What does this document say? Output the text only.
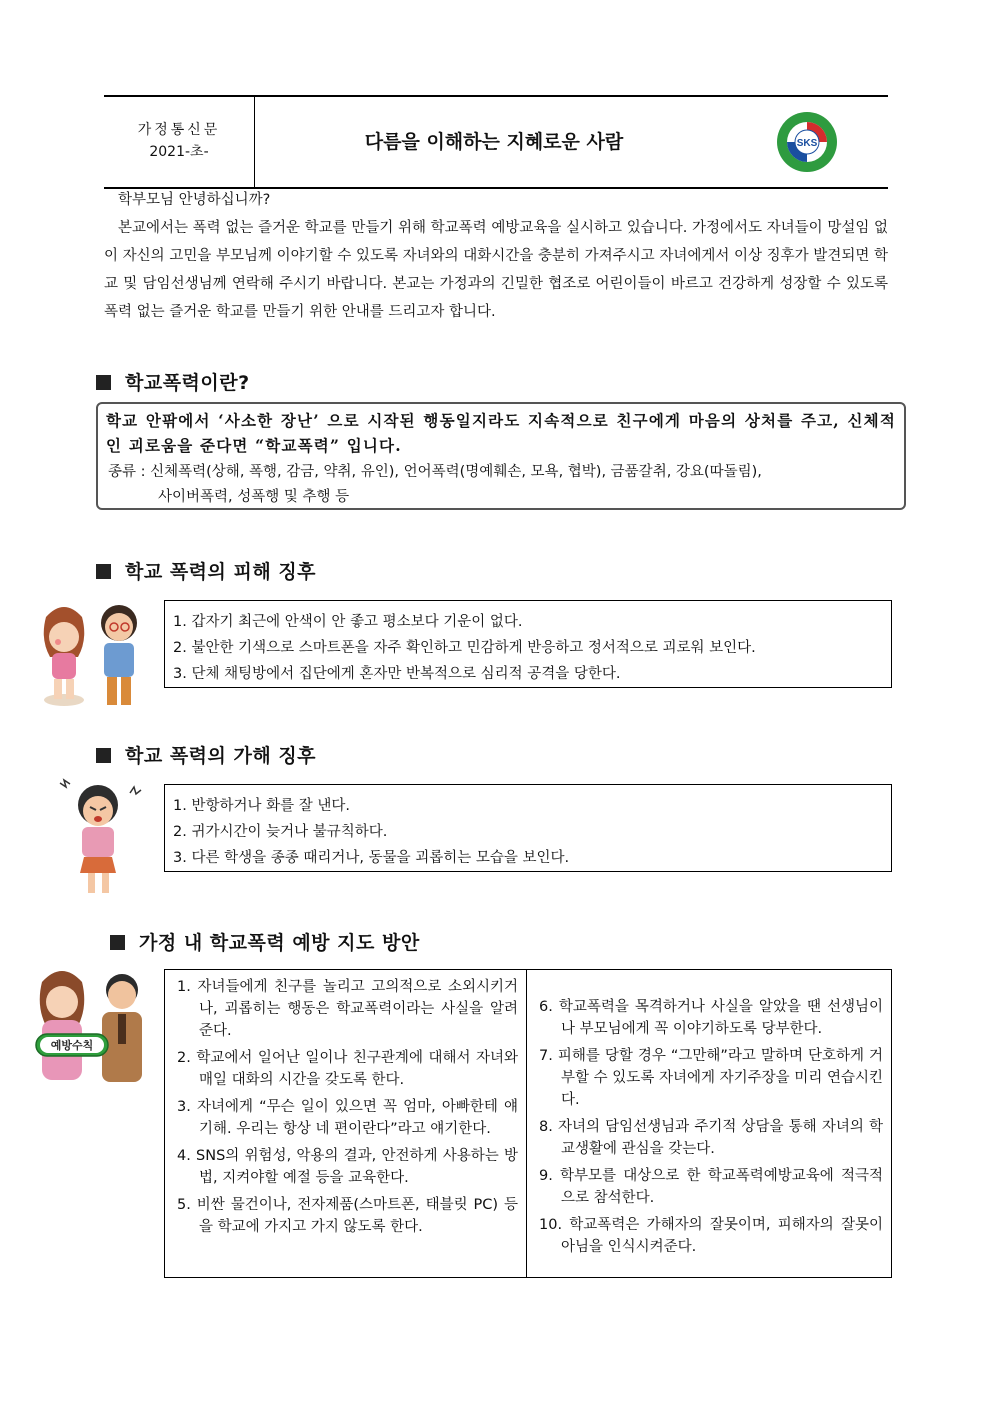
가정통신문
2021-초-	다름을 이해하는 지혜로운 사람	SKS

학부모님 안녕하십니까?

본교에서는 폭력 없는 즐거운 학교를 만들기 위해 학교폭력 예방교육을 실시하고 있습니다. 가정에서도 자녀들이 망설임 없이 자신의 고민을 부모님께 이야기할 수 있도록 자녀와의 대화시간을 충분히 가져주시고 자녀에게서 이상 징후가 발견되면 학교 및 담임선생님께 연락해 주시기 바랍니다. 본교는 가정과의 긴밀한 협조로 어린이들이 바르고 건강하게 성장할 수 있도록 폭력 없는 즐거운 학교를 만들기 위한 안내를 드리고자 합니다.

학교폭력이란?
학교 안팎에서 ‘사소한 장난’ 으로 시작된 행동일지라도 지속적으로 친구에게 마음의 상처를 주고, 신체적인 괴로움을 준다면 “학교폭력” 입니다.
종류 : 신체폭력(상해, 폭행, 감금, 약취, 유인), 언어폭력(명예훼손, 모욕, 협박), 금품갈취, 강요(따돌림),
사이버폭력, 성폭행 및 추행 등
학교 폭력의 피해 징후
1. 갑자기 최근에 안색이 안 좋고 평소보다 기운이 없다.
2. 불안한 기색으로 스마트폰을 자주 확인하고 민감하게 반응하고 정서적으로 괴로워 보인다.
3. 단체 채팅방에서 집단에게 혼자만 반복적으로 심리적 공격을 당한다.
학교 폭력의 가해 징후
1. 반항하거나 화를 잘 낸다.
2. 귀가시간이 늦거나 불규칙하다.
3. 다른 학생을 종종 때리거나, 동물을 괴롭히는 모습을 보인다.
가정 내 학교폭력 예방 지도 방안
예방수칙
1. 자녀들에게 친구를 놀리고 고의적으로 소외시키거나, 괴롭히는 행동은 학교폭력이라는 사실을 알려준다.
2. 학교에서 일어난 일이나 친구관계에 대해서 자녀와 매일 대화의 시간을 갖도록 한다.
3. 자녀에게 “무슨 일이 있으면 꼭 엄마, 아빠한테 얘기해. 우리는 항상 네 편이란다”라고 얘기한다.
4. SNS의 위험성, 악용의 결과, 안전하게 사용하는 방법, 지켜야할 예절 등을 교육한다.
5. 비싼 물건이나, 전자제품(스마트폰, 태블릿 PC) 등을 학교에 가지고 가지 않도록 한다.
6. 학교폭력을 목격하거나 사실을 알았을 땐 선생님이나 부모님에게 꼭 이야기하도록 당부한다.
7. 피해를 당할 경우 “그만해”라고 말하며 단호하게 거부할 수 있도록 자녀에게 자기주장을 미리 연습시킨다.
8. 자녀의 담임선생님과 주기적 상담을 통해 자녀의 학교생활에 관심을 갖는다.
9. 학부모를 대상으로 한 학교폭력예방교육에 적극적으로 참석한다.
10. 학교폭력은 가해자의 잘못이며, 피해자의 잘못이 아님을 인식시켜준다.
